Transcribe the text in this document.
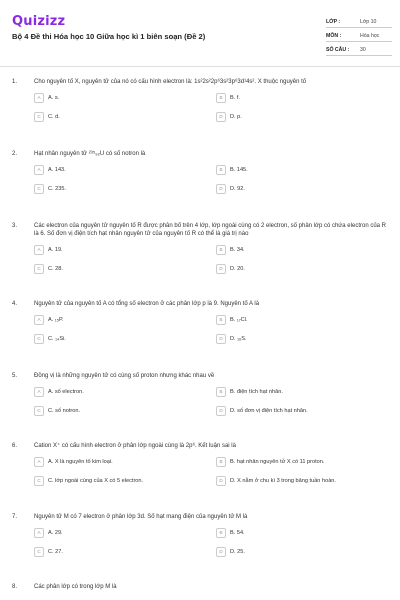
Quizizz
Bộ 4 Đề thi Hóa học 10 Giữa học kì 1 biên soạn (Đề 2)
LỚP :	Lớp 10
MÔN :	Hóa học
SỐ CÂU :	30
1.	Cho nguyên tố X, nguyên tử của nó có cấu hình electron là: 1s²2s²2p⁶3s²3p⁶3d¹4s². X thuộc nguyên tố
A	A. s.	B	B. f.
C	C. d.	D	D. p.
2.	Hạt nhân nguyên tử ²³⁵₉₂U có số notron là
A	A. 143.	B	B. 145.
C	C. 235.	D	D. 92.
3.	Các electron của nguyên tử nguyên tố R được phân bố trên 4 lớp, lớp ngoài cùng có 2 electron, số phân lớp có chứa electron của R là 6. Số đơn vị điện tích hạt nhân nguyên tử của nguyên tố R có thể là giá trị nào
A	A. 19.	B	B. 34.
C	C. 28.	D	D. 20.
4.	Nguyên tử của nguyên tố A có tổng số electron ở các phân lớp p là 9. Nguyên tố A là
A	A. ₁₅P.	B	B. ₁₇Cl.
C	C. ₁₄Si.	D	D. ₁₆S.
5.	Đồng vị là những nguyên tử có cùng số proton nhưng khác nhau về
A	A. số electron.	B	B. điện tích hạt nhân.
C	C. số notron.	D	D. số đơn vị điện tích hạt nhân.
6.	Cation X⁺ có cấu hình electron ở phân lớp ngoài cùng là 2p⁶. Kết luận sai là
A	A. X là nguyên tố kim loại.	B	B. hạt nhân nguyên tử X có 11 proton.
C	C. lớp ngoài cùng của X có 5 electron.	D	D. X nằm ở chu kì 3 trong bảng tuần hoàn.
7.	Nguyên tử M có 7 electron ở phân lớp 3d. Số hạt mang điện của nguyên tử M là
A	A. 29.	B	B. 54.
C	C. 27.	D	D. 25.
8.	Các phân lớp có trong lớp M là
